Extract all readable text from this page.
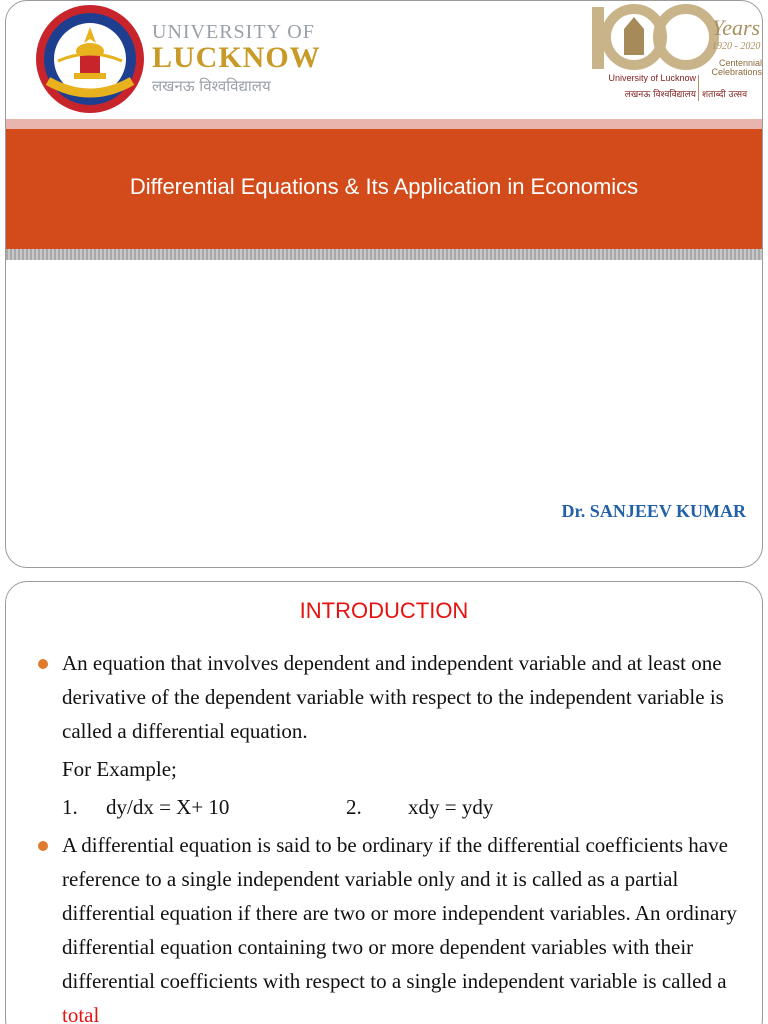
UNIVERSITY OF
LUCKNOW
लखनऊ विश्वविद्यालय
Years
1920 - 2020
Centennial
Celebrations
University of Lucknow
लखनऊ विश्वविद्यालय शताब्दी उत्सव
Differential Equations & Its Application in Economics
Dr. SANJEEV KUMAR
INTRODUCTION
An equation that involves dependent and independent variable and at least one derivative of the dependent variable with respect to the independent variable is called a differential equation.
For Example;
1.	dy/dx = X+ 10	2.	xdy = ydy
A differential equation is said to be ordinary if the differential coefficients have reference to a single independent variable only and it is called as a partial differential equation if there are two or more independent variables. An ordinary differential equation containing two or more dependent variables with their differential coefficients with respect to a single independent variable is called a total
